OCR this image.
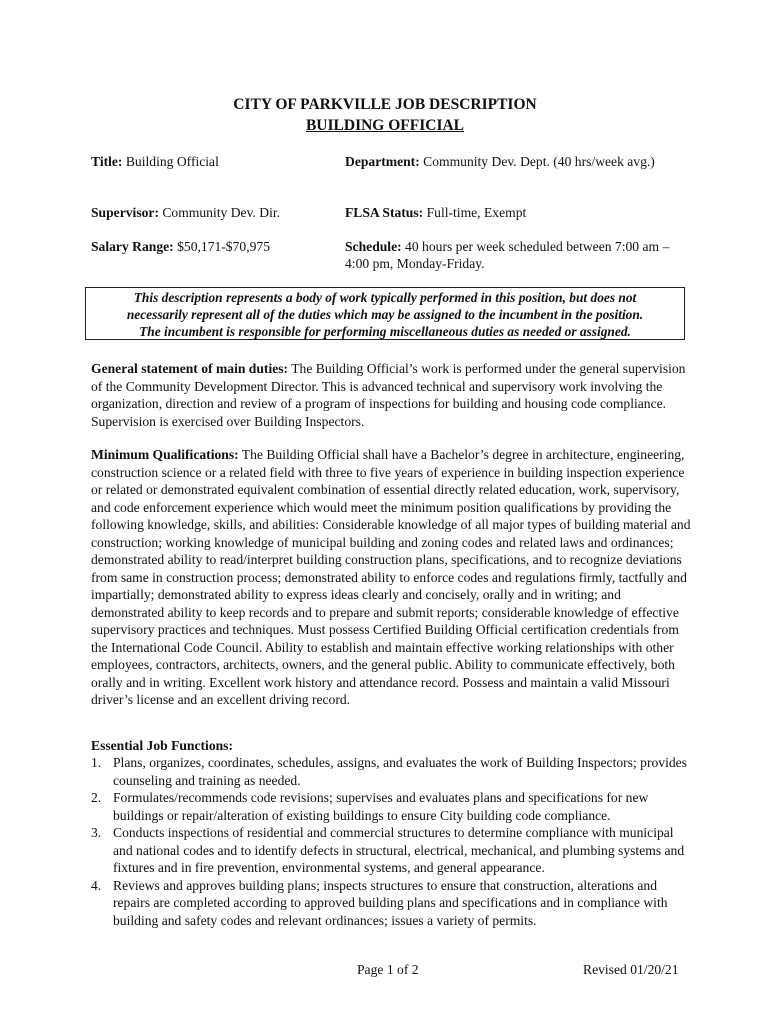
CITY OF PARKVILLE JOB DESCRIPTION
BUILDING OFFICIAL
Title: Building Official	Department: Community Dev. Dept. (40 hrs/week avg.)
Supervisor: Community Dev. Dir.	FLSA Status: Full-time, Exempt
Salary Range: $50,171-$70,975	Schedule: 40 hours per week scheduled between 7:00 am – 4:00 pm, Monday-Friday.
This description represents a body of work typically performed in this position, but does not
necessarily represent all of the duties which may be assigned to the incumbent in the position.
The incumbent is responsible for performing miscellaneous duties as needed or assigned.
General statement of main duties: The Building Official’s work is performed under the general supervision of the Community Development Director. This is advanced technical and supervisory work involving the organization, direction and review of a program of inspections for building and housing code compliance. Supervision is exercised over Building Inspectors.
Minimum Qualifications: The Building Official shall have a Bachelor’s degree in architecture, engineering, construction science or a related field with three to five years of experience in building inspection experience or related or demonstrated equivalent combination of essential directly related education, work, supervisory, and code enforcement experience which would meet the minimum position qualifications by providing the following knowledge, skills, and abilities: Considerable knowledge of all major types of building material and construction; working knowledge of municipal building and zoning codes and related laws and ordinances; demonstrated ability to read/interpret building construction plans, specifications, and to recognize deviations from same in construction process; demonstrated ability to enforce codes and regulations firmly, tactfully and impartially; demonstrated ability to express ideas clearly and concisely, orally and in writing; and demonstrated ability to keep records and to prepare and submit reports; considerable knowledge of effective supervisory practices and techniques. Must possess Certified Building Official certification credentials from the International Code Council. Ability to establish and maintain effective working relationships with other employees, contractors, architects, owners, and the general public. Ability to communicate effectively, both orally and in writing. Excellent work history and attendance record. Possess and maintain a valid Missouri driver’s license and an excellent driving record.
Essential Job Functions:
1. Plans, organizes, coordinates, schedules, assigns, and evaluates the work of Building Inspectors; provides counseling and training as needed.
2. Formulates/recommends code revisions; supervises and evaluates plans and specifications for new buildings or repair/alteration of existing buildings to ensure City building code compliance.
3. Conducts inspections of residential and commercial structures to determine compliance with municipal and national codes and to identify defects in structural, electrical, mechanical, and plumbing systems and fixtures and in fire prevention, environmental systems, and general appearance.
4. Reviews and approves building plans; inspects structures to ensure that construction, alterations and repairs are completed according to approved building plans and specifications and in compliance with building and safety codes and relevant ordinances; issues a variety of permits.
Page 1 of 2	Revised 01/20/21
